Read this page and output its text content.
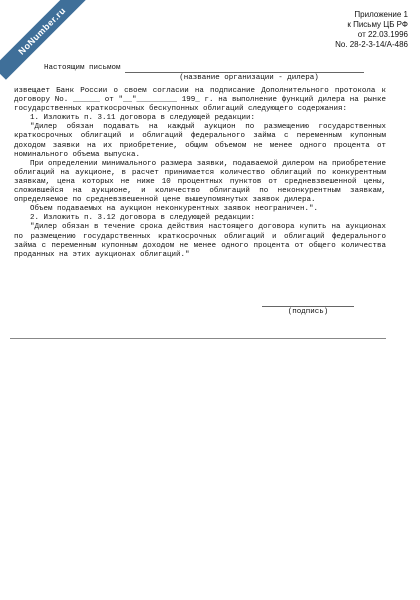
NoNumber.ru	Приложение 1
к Письму ЦБ РФ
от 22.03.1996
No. 28-2-3-14/А-486
Настоящим письмом
(название организации - дилера)

извещает Банк России о своем согласии на подписание Дополнительного протокола к договору No. ______ от "__"_________ 199_ г. на выполнение функций дилера на рынке государственных краткосрочных бескупонных облигаций следующего содержания:

1. Изложить п. 3.11 договора в следующей редакции:

"Дилер обязан подавать на каждый аукцион по размещению государственных краткосрочных облигаций и облигаций федерального займа с переменным купонным доходом заявки на их приобретение, общим объемом не менее одного процента от номинального объема выпуска.

При определении минимального размера заявки, подаваемой дилером на приобретение облигаций на аукционе, в расчет принимается количество облигаций по конкурентным заявкам, цена которых не ниже 10 процентных пунктов от средневзвешенной цены, сложившейся на аукционе, и количество облигаций по неконкурентным заявкам, определяемое по средневзвешенной цене вышеупомянутых заявок дилера.

Объем подаваемых на аукцион неконкурентных заявок неограничен.".

2. Изложить п. 3.12 договора в следующей редакции:

"Дилер обязан в течение срока действия настоящего договора купить на аукционах по размещению государственных краткосрочных облигаций и облигаций федерального займа с переменным купонным доходом не менее одного процента от общего количества проданных на этих аукционах облигаций."

(подпись)
